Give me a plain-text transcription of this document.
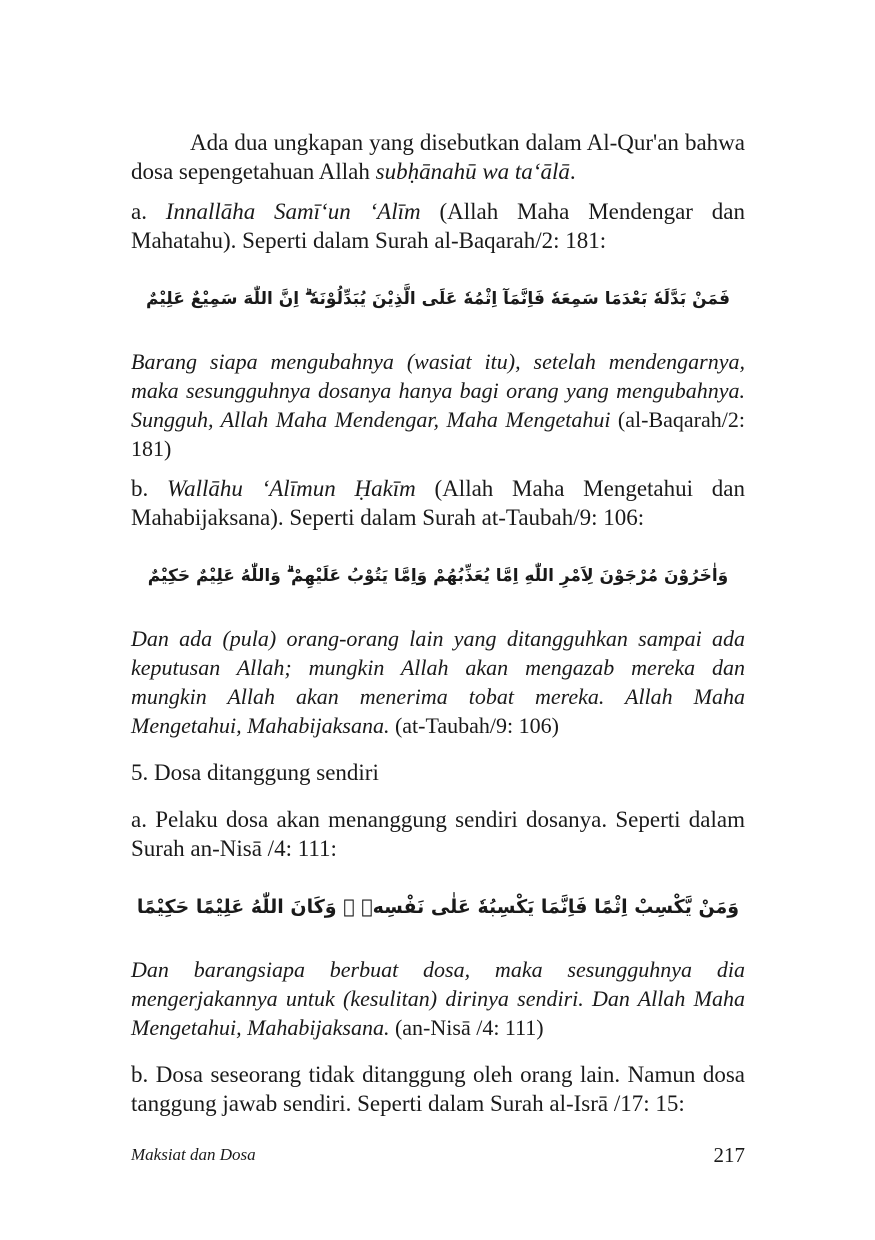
Ada dua ungkapan yang disebutkan dalam Al-Qur'an bahwa dosa sepengetahuan Allah subḥānahū wa ta‘ālā.

a. Innallāha Samī‘un ‘Alīm (Allah Maha Mendengar dan Mahatahu). Seperti dalam Surah al-Baqarah/2: 181:

فَمَنْ بَدَّلَهٗ بَعْدَمَا سَمِعَهٗ فَاِنَّمَآ اِثْمُهٗ عَلَى الَّذِيْنَ يُبَدِّلُوْنَهٗ ۗ اِنَّ اللّٰهَ سَمِيْعٌ عَلِيْمٌ

Barang siapa mengubahnya (wasiat itu), setelah mendengarnya, maka sesungguhnya dosanya hanya bagi orang yang mengubahnya. Sungguh, Allah Maha Mendengar, Maha Mengetahui (al-Baqarah/2: 181)

b. Wallāhu ‘Alīmun Ḥakīm (Allah Maha Mengetahui dan Mahabijaksana). Seperti dalam Surah at-Taubah/9: 106:

وَاٰخَرُوْنَ مُرْجَوْنَ لِاَمْرِ اللّٰهِ اِمَّا يُعَذِّبُهُمْ وَاِمَّا يَتُوْبُ عَلَيْهِمْ ۗ وَاللّٰهُ عَلِيْمٌ حَكِيْمٌ

Dan ada (pula) orang-orang lain yang ditangguhkan sampai ada keputusan Allah; mungkin Allah akan mengazab mereka dan mungkin Allah akan menerima tobat mereka. Allah Maha Mengetahui, Mahabijaksana. (at-Taubah/9: 106)

5. Dosa ditanggung sendiri

a. Pelaku dosa akan menanggung sendiri dosanya. Seperti dalam Surah an-Nisā /4: 111:

وَمَنْ يَّكْسِبْ اِثْمًا فَاِنَّمَا يَكْسِبُهٗ عَلٰى نَفْسِهٖ ۗ وَكَانَ اللّٰهُ عَلِيْمًا حَكِيْمًا

Dan barangsiapa berbuat dosa, maka sesungguhnya dia mengerjakannya untuk (kesulitan) dirinya sendiri. Dan Allah Maha Mengetahui, Mahabijaksana. (an-Nisā /4: 111)

b. Dosa seseorang tidak ditanggung oleh orang lain. Namun dosa tanggung jawab sendiri. Seperti dalam Surah al-Isrā /17: 15:

Maksiat dan Dosa	217
